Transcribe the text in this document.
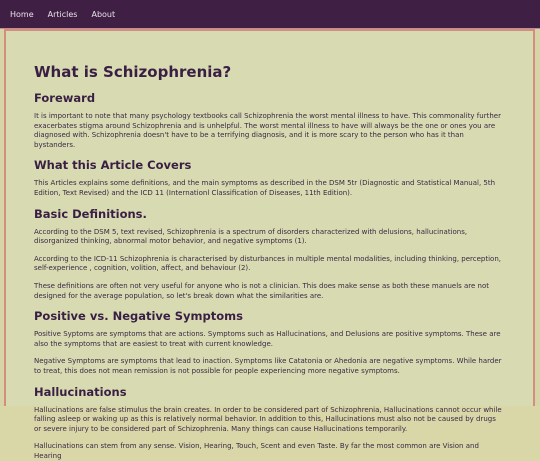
Home Articles About
What is Schizophrenia?
Foreward

It is important to note that many psychology textbooks call Schizophrenia the worst mental illness to have. This commonality further exacerbates stigma around Schizophrenia and is unhelpful. The worst mental illness to have will always be the one or ones you are diagnosed with. Schizophrenia doesn't have to be a terrifying diagnosis, and it is more scary to the person who has it than bystanders.

What this Article Covers

This Articles explains some definitions, and the main symptoms as described in the DSM 5tr (Diagnostic and Statistical Manual, 5th Edition, Text Revised) and the ICD 11 (Internationl Classification of Diseases, 11th Edition).

Basic Definitions.

According to the DSM 5, text revised, Schizophrenia is a spectrum of disorders characterized with delusions, hallucinations, disorganized thinking, abnormal motor behavior, and negative symptoms (1).

According to the ICD-11 Schizophrenia is characterised by disturbances in multiple mental modalities, including thinking, perception, self-experience , cognition, volition, affect, and behaviour (2).

These definitions are often not very useful for anyone who is not a clinician. This does make sense as both these manuels are not designed for the average population, so let's break down what the similarities are.

Positive vs. Negative Symptoms

Positive Syptoms are symptoms that are actions. Symptoms such as Hallucinations, and Delusions are positive symptoms. These are also the symptoms that are easiest to treat with current knowledge.

Negative Symptoms are symptoms that lead to inaction. Symptoms like Catatonia or Ahedonia are negative symptoms. While harder to treat, this does not mean remission is not possible for people experiencing more negative symptoms.

Hallucinations

Hallucinations are false stimulus the brain creates. In order to be considered part of Schizophrenia, Hallucinations cannot occur while falling asleep or waking up as this is relatively normal behavior. In addition to this, Hallucinations must also not be caused by drugs or severe injury to be considered part of Schizophrenia. Many things can cause Hallucinations temporarily.

Hallucinations can stem from any sense. Vision, Hearing, Touch, Scent and even Taste. By far the most common are Vision and Hearing
